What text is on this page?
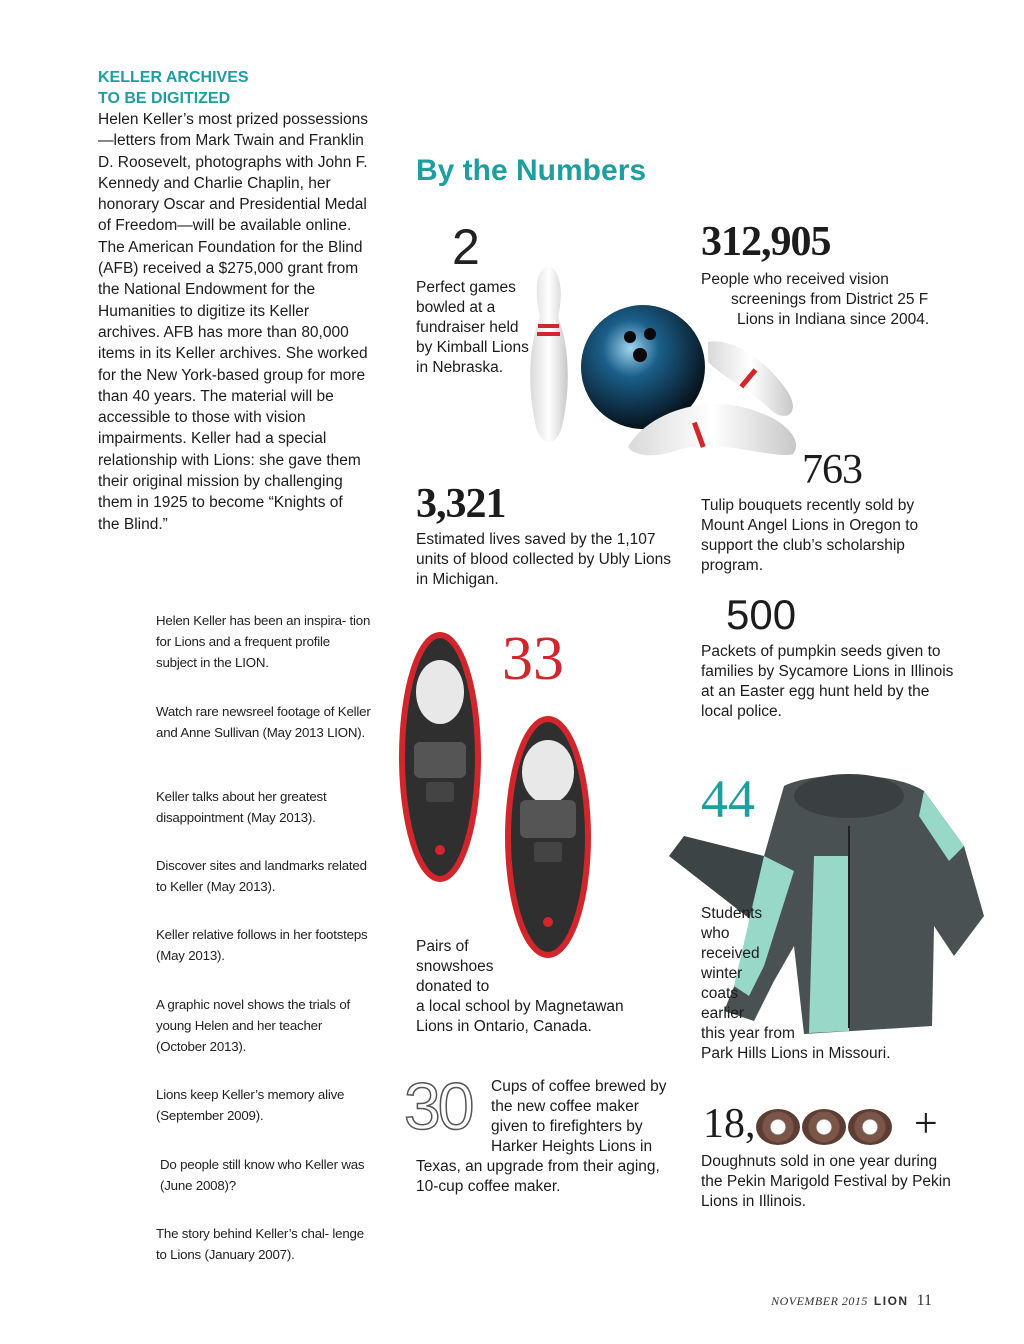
KELLER ARCHIVES
TO BE DIGITIZED
Helen Keller’s most prized possessions—letters from Mark Twain and Franklin D. Roosevelt, photographs with John F. Kennedy and Charlie Chaplin, her honorary Oscar and Presidential Medal of Freedom—will be available online. The American Foundation for the Blind (AFB) received a $275,000 grant from the National Endowment for the Humanities to digitize its Keller archives. AFB has more than 80,000 items in its Keller archives. She worked for the New York-based group for more than 40 years. The material will be accessible to those with vision impairments. Keller had a special relationship with Lions: she gave them their original mission by challenging them in 1925 to become “Knights of the Blind.”
Helen Keller has been an inspira- tion for Lions and a frequent profile subject in the LION.
Watch rare newsreel footage of Keller and Anne Sullivan (May 2013 LION).
Keller talks about her greatest disappointment (May 2013).
Discover sites and landmarks related to Keller (May 2013).
Keller relative follows in her footsteps (May 2013).
A graphic novel shows the trials of young Helen and her teacher (October 2013).
Lions keep Keller’s memory alive (September 2009).
Do people still know who Keller was (June 2008)?
The story behind Keller’s chal- lenge to Lions (January 2007).
By the Numbers
2
Perfect games bowled at a fundraiser held by Kimball Lions in Nebraska.
312,905
People who received vision
screenings from District 25 F
Lions in Indiana since 2004.
763
Tulip bouquets recently sold by Mount Angel Lions in Oregon to support the club’s scholarship program.
3,321
Estimated lives saved by the 1,107 units of blood collected by Ubly Lions in Michigan.
500
Packets of pumpkin seeds given to families by Sycamore Lions in Illinois at an Easter egg hunt held by the local police.
33
Pairs of
snowshoes
donated to
a local school by Magnetawan
Lions in Ontario, Canada.
44
Students
who
received
winter
coats
earlier
this year from
Park Hills Lions in Missouri.
30 Cups of coffee brewed by
the new coffee maker
given to firefighters by
Harker Heights Lions in
Texas, an upgrade from their aging,
10-cup coffee maker.
18,	+
Doughnuts sold in one year during the Pekin Marigold Festival by Pekin Lions in Illinois.
NOVEMBER 2015 LION 11
